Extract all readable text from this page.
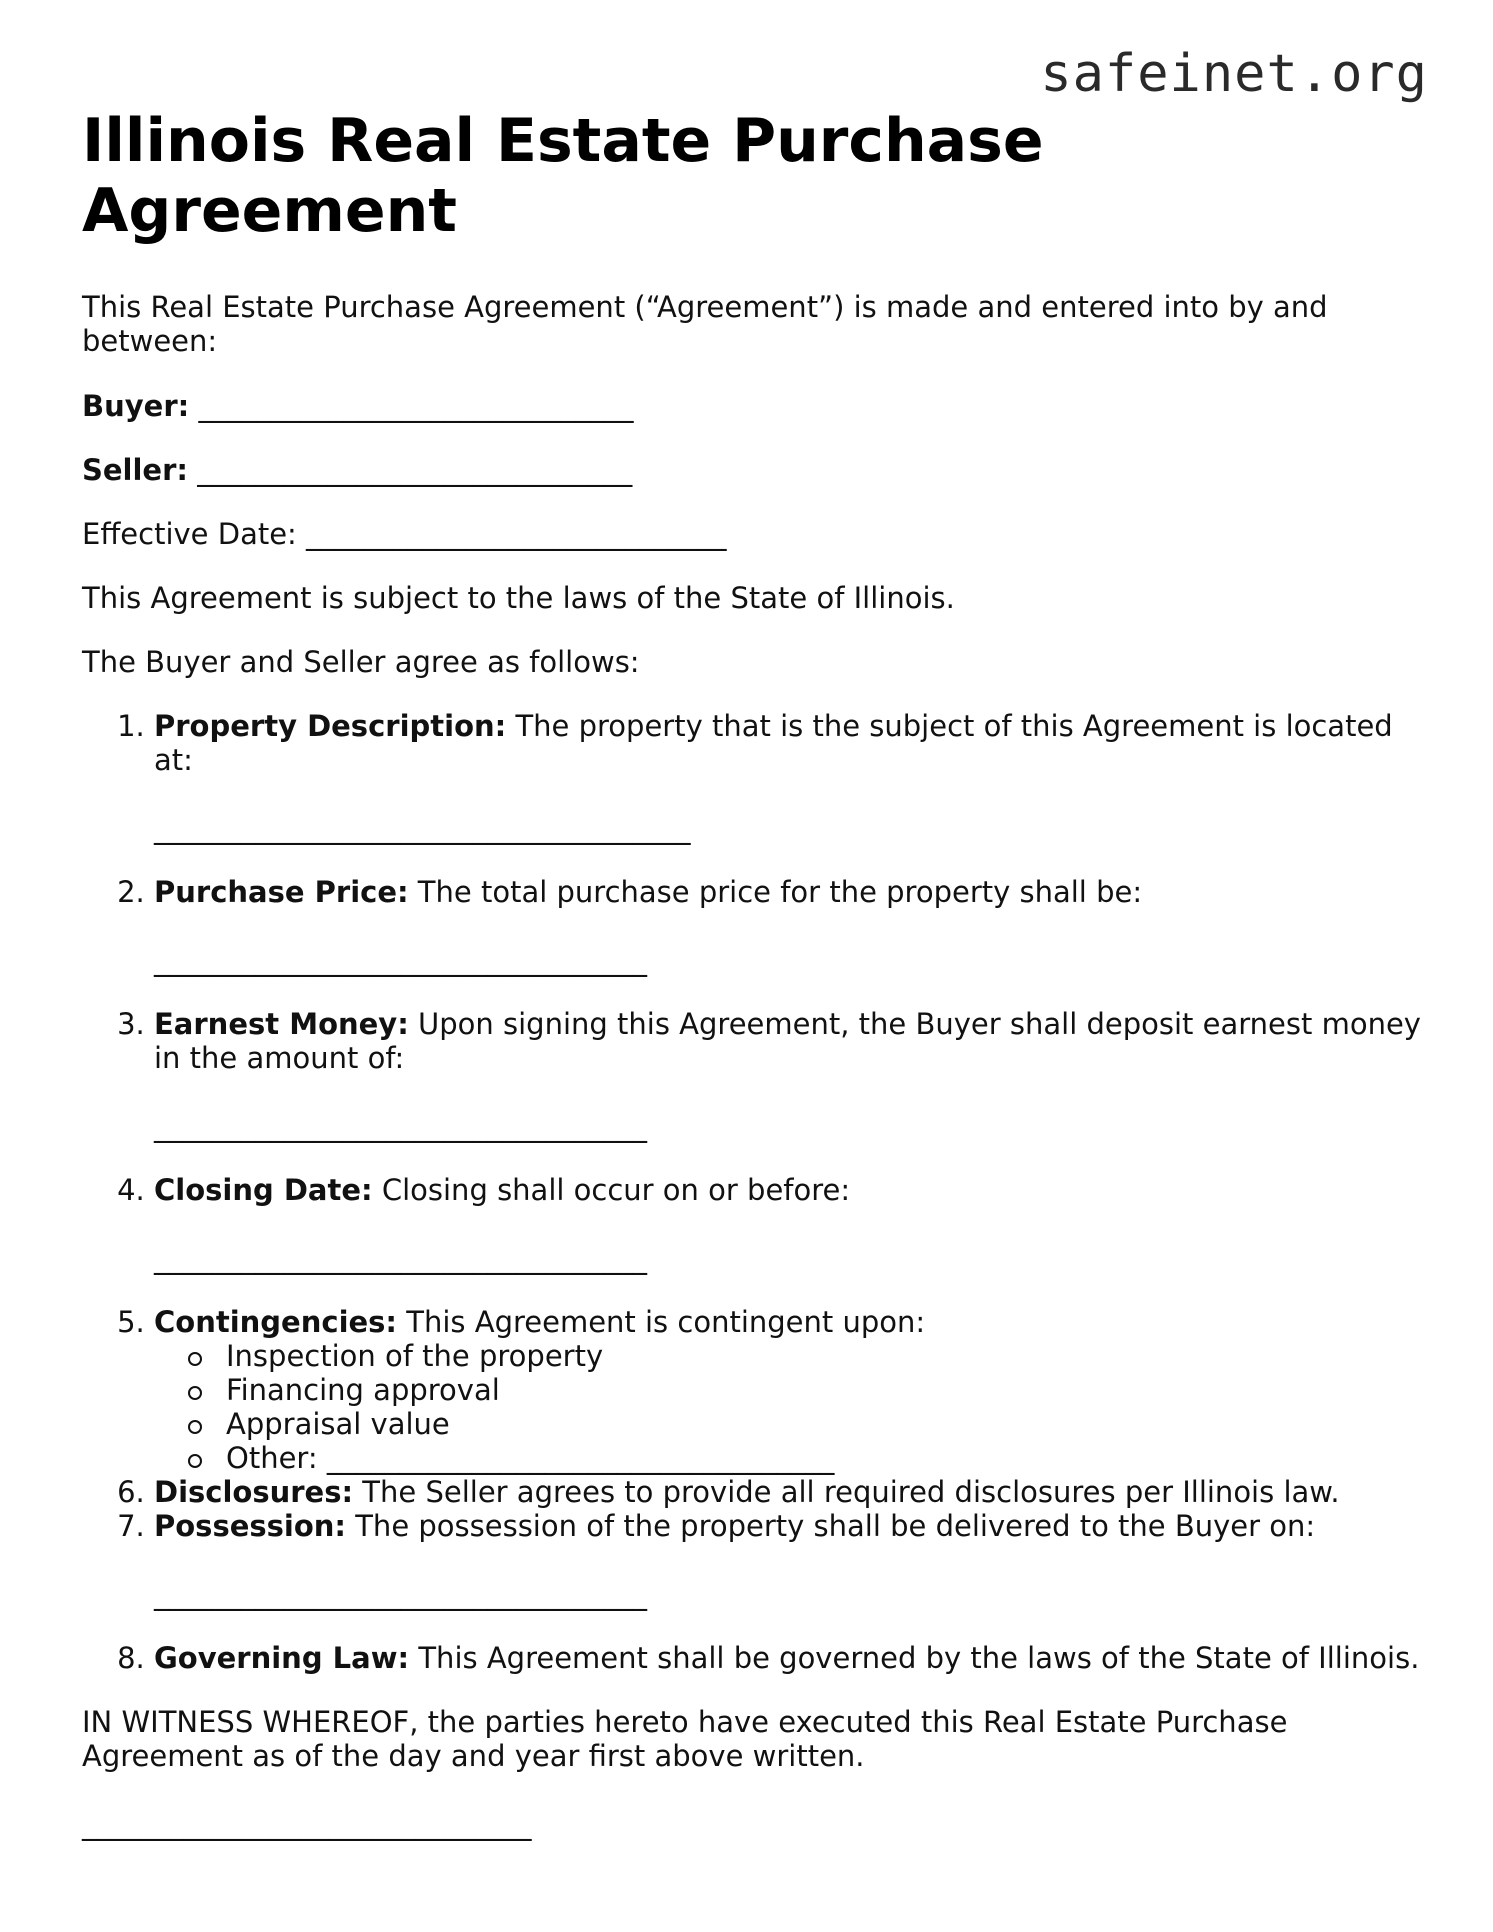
safeinet.org
Illinois Real Estate Purchase Agreement

This Real Estate Purchase Agreement (“Agreement”) is made and entered into by and between:

Buyer: ______________________________

Seller: ______________________________

Effective Date: _____________________________

This Agreement is subject to the laws of the State of Illinois.

The Buyer and Seller agree as follows:

1. Property Description: The property that is the subject of this Agreement is located at:
_____________________________________
2. Purchase Price: The total purchase price for the property shall be:
__________________________________
3. Earnest Money: Upon signing this Agreement, the Buyer shall deposit earnest money in the amount of:
__________________________________
4. Closing Date: Closing shall occur on or before:
__________________________________
5. Contingencies: This Agreement is contingent upon:
Inspection of the property
Financing approval
Appraisal value
Other: ___________________________________
6. Disclosures: The Seller agrees to provide all required disclosures per Illinois law.
7. Possession: The possession of the property shall be delivered to the Buyer on:
__________________________________
8. Governing Law: This Agreement shall be governed by the laws of the State of Illinois.

IN WITNESS WHEREOF, the parties hereto have executed this Real Estate Purchase Agreement as of the day and year first above written.

_______________________________
